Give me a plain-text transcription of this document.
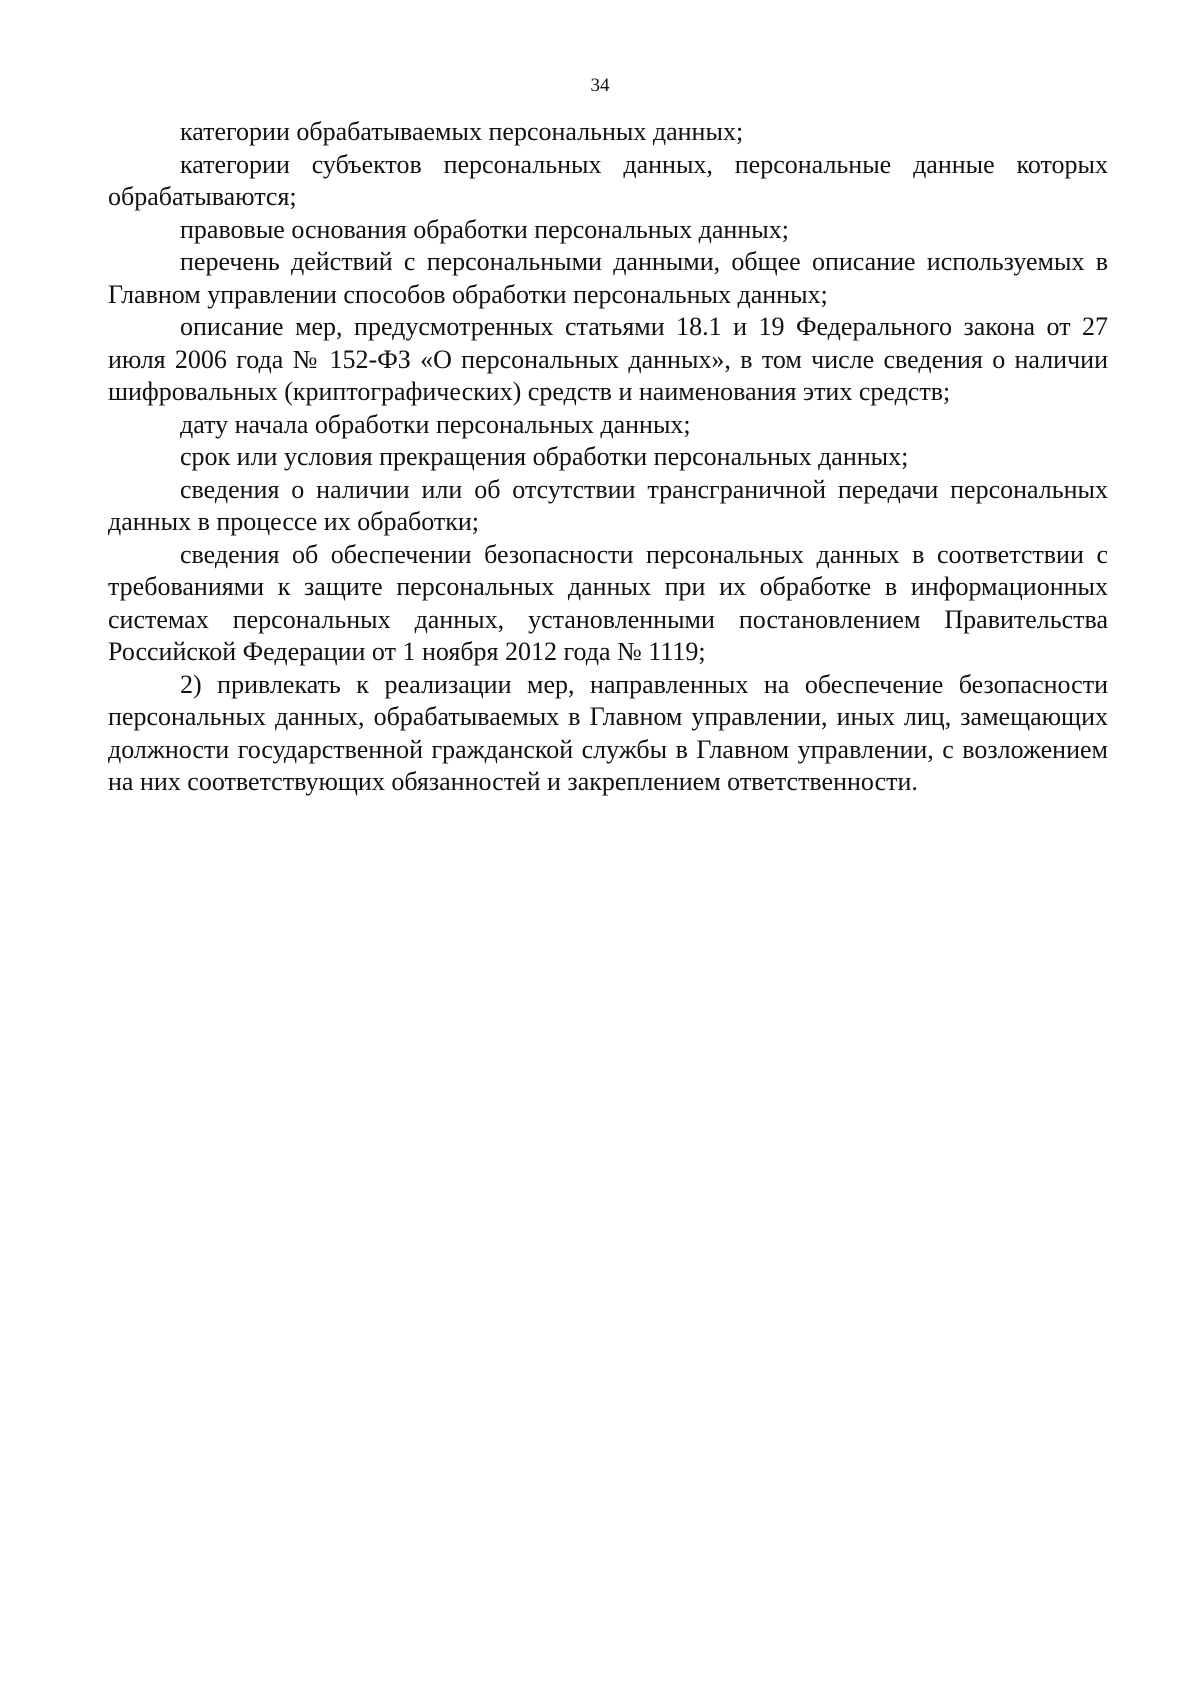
34

категории обрабатываемых персональных данных;

категории субъектов персональных данных, персональные данные которых обрабатываются;

правовые основания обработки персональных данных;

перечень действий с персональными данными, общее описание используемых в Главном управлении способов обработки персональных данных;

описание мер, предусмотренных статьями 18.1 и 19 Федерального закона от 27 июля 2006 года № 152-ФЗ «О персональных данных», в том числе сведения о наличии шифровальных (криптографических) средств и наименования этих средств;

дату начала обработки персональных данных;

срок или условия прекращения обработки персональных данных;

сведения о наличии или об отсутствии трансграничной передачи персональных данных в процессе их обработки;

сведения об обеспечении безопасности персональных данных в соответствии с требованиями к защите персональных данных при их обработке в информационных системах персональных данных, установленными постановлением Правительства Российской Федерации от 1 ноября 2012 года № 1119;

2) привлекать к реализации мер, направленных на обеспечение безопасности персональных данных, обрабатываемых в Главном управлении, иных лиц, замещающих должности государственной гражданской службы в Главном управлении, с возложением на них соответствующих обязанностей и закреплением ответственности.
